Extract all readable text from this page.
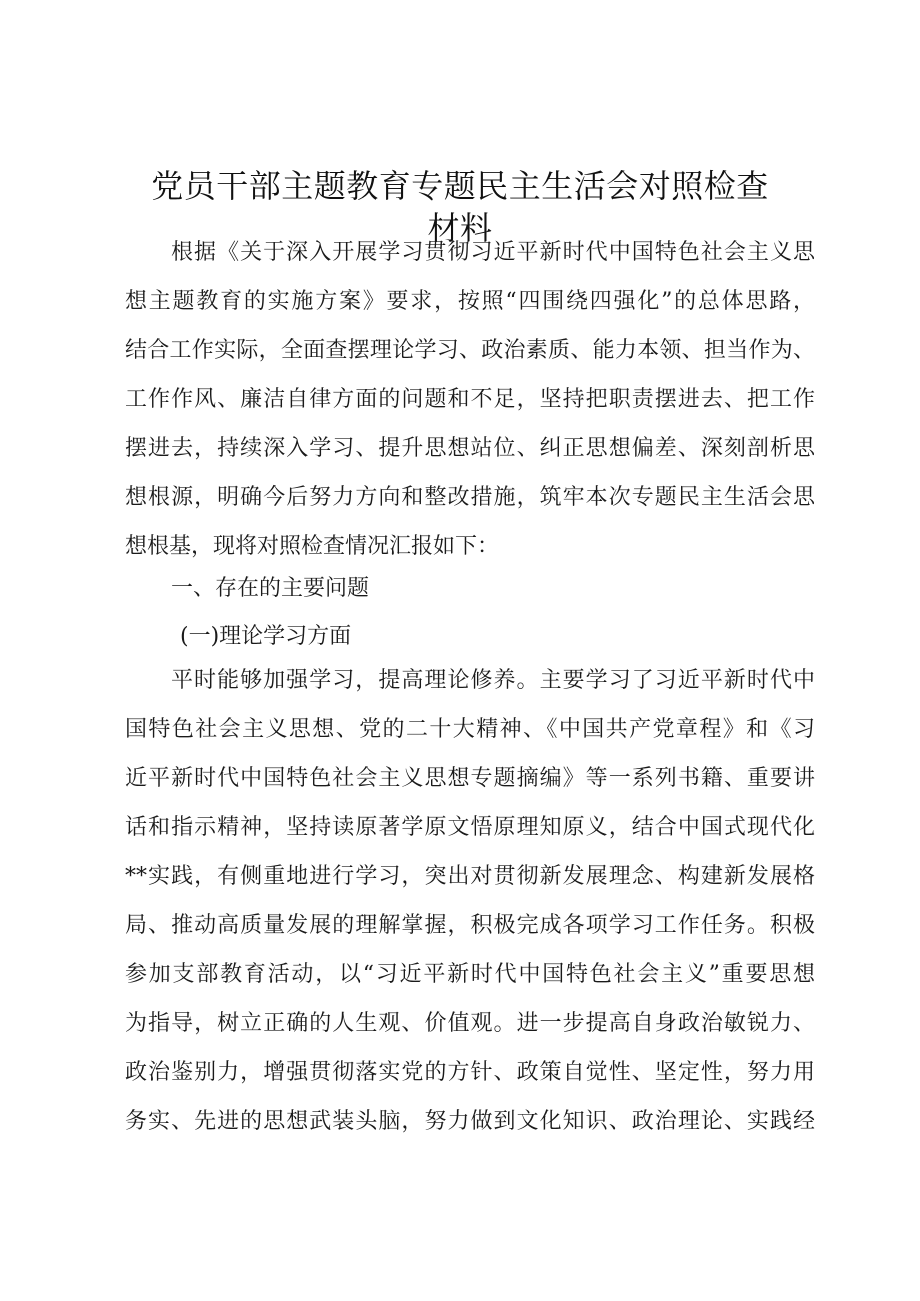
党员干部主题教育专题民主生活会对照检查
材料
根据《关于深入开展学习贯彻习近平新时代中国特色社会主义思
想主题教育的实施方案》要求，按照“四围绕四强化”的总体思路，
结合工作实际，全面查摆理论学习、政治素质、能力本领、担当作为、
工作作风、廉洁自律方面的问题和不足，坚持把职责摆进去、把工作
摆进去，持续深入学习、提升思想站位、纠正思想偏差、深刻剖析思
想根源，明确今后努力方向和整改措施，筑牢本次专题民主生活会思
想根基，现将对照检查情况汇报如下：
一、存在的主要问题
(一)理论学习方面
平时能够加强学习，提高理论修养。主要学习了习近平新时代中
国特色社会主义思想、党的二十大精神、《中国共产党章程》和《习
近平新时代中国特色社会主义思想专题摘编》等一系列书籍、重要讲
话和指示精神，坚持读原著学原文悟原理知原义，结合中国式现代化
**实践，有侧重地进行学习，突出对贯彻新发展理念、构建新发展格
局、推动高质量发展的理解掌握，积极完成各项学习工作任务。积极
参加支部教育活动，以“习近平新时代中国特色社会主义”重要思想
为指导，树立正确的人生观、价值观。进一步提高自身政治敏锐力、
政治鉴别力，增强贯彻落实党的方针、政策自觉性、坚定性，努力用
务实、先进的思想武装头脑，努力做到文化知识、政治理论、实践经
